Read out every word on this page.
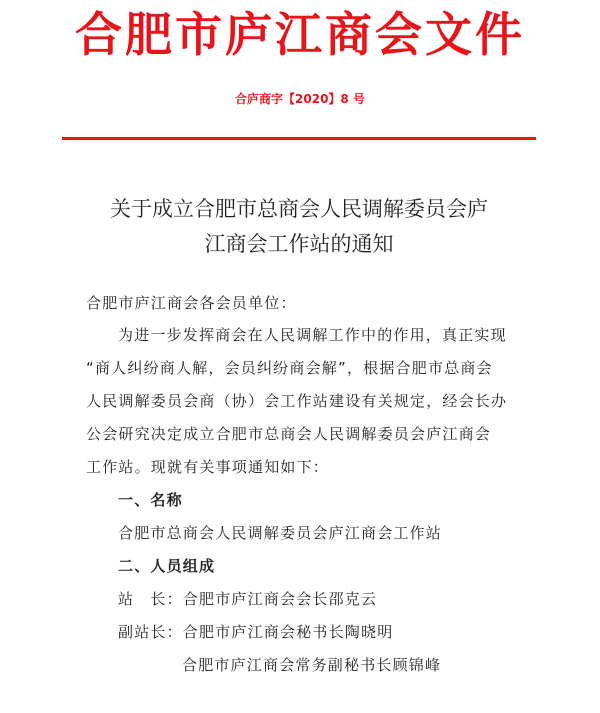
合肥市庐江商会文件
合庐商字【2020】8 号
关于成立合肥市总商会人民调解委员会庐
江商会工作站的通知
合肥市庐江商会各会员单位：
为进一步发挥商会在人民调解工作中的作用，真正实现
“商人纠纷商人解，会员纠纷商会解”，根据合肥市总商会
人民调解委员会商（协）会工作站建设有关规定，经会长办
公会研究决定成立合肥市总商会人民调解委员会庐江商会
工作站。现就有关事项通知如下：
一、名称
合肥市总商会人民调解委员会庐江商会工作站
二、人员组成
站　长：合肥市庐江商会会长邵克云
副站长：合肥市庐江商会秘书长陶晓明
合肥市庐江商会常务副秘书长顾锦峰
